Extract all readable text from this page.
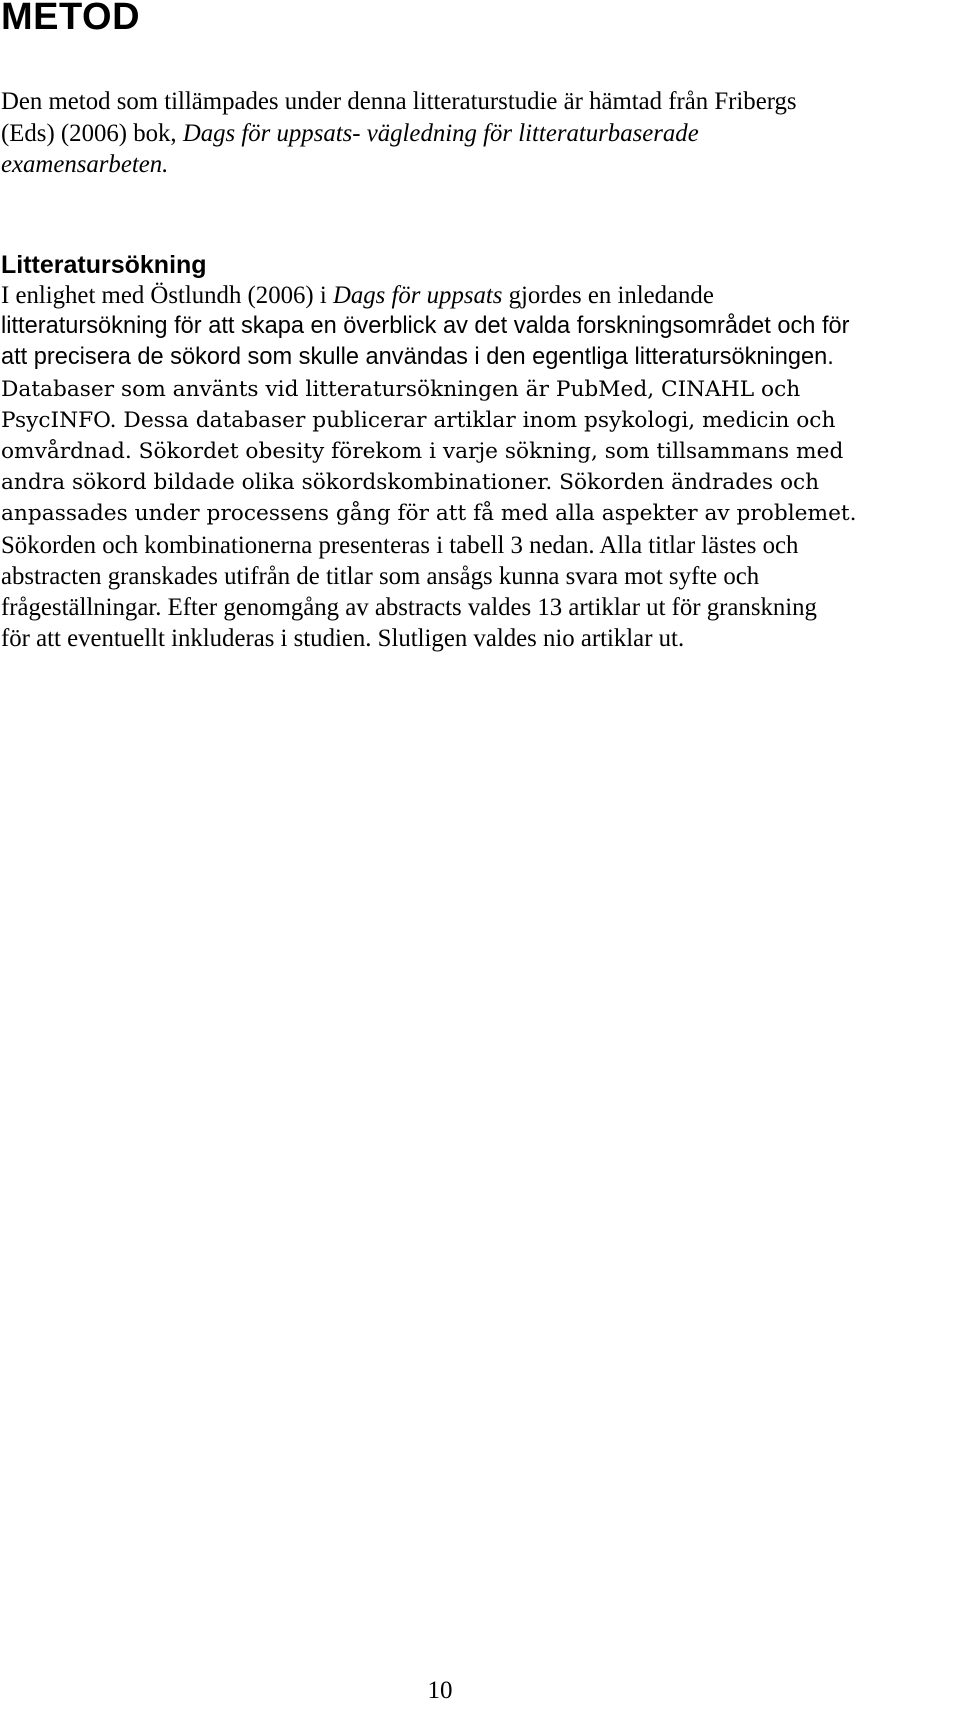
METOD

Den metod som tillämpades under denna litteraturstudie är hämtad från Fribergs
(Eds) (2006) bok, Dags för uppsats- vägledning för litteraturbaserade
examensarbeten.

Litteratursökning
I enlighet med Östlundh (2006) i Dags för uppsats gjordes en inledande
litteratursökning för att skapa en överblick av det valda forskningsområdet och för
att precisera de sökord som skulle användas i den egentliga litteratursökningen.
Databaser som använts vid litteratursökningen är PubMed, CINAHL och
PsycINFO. Dessa databaser publicerar artiklar inom psykologi, medicin och
omvårdnad. Sökordet obesity förekom i varje sökning, som tillsammans med
andra sökord bildade olika sökordskombinationer. Sökorden ändrades och
anpassades under processens gång för att få med alla aspekter av problemet.
Sökorden och kombinationerna presenteras i tabell 3 nedan. Alla titlar lästes och
abstracten granskades utifrån de titlar som ansågs kunna svara mot syfte och
frågeställningar. Efter genomgång av abstracts valdes 13 artiklar ut för granskning
för att eventuellt inkluderas i studien. Slutligen valdes nio artiklar ut.
10
